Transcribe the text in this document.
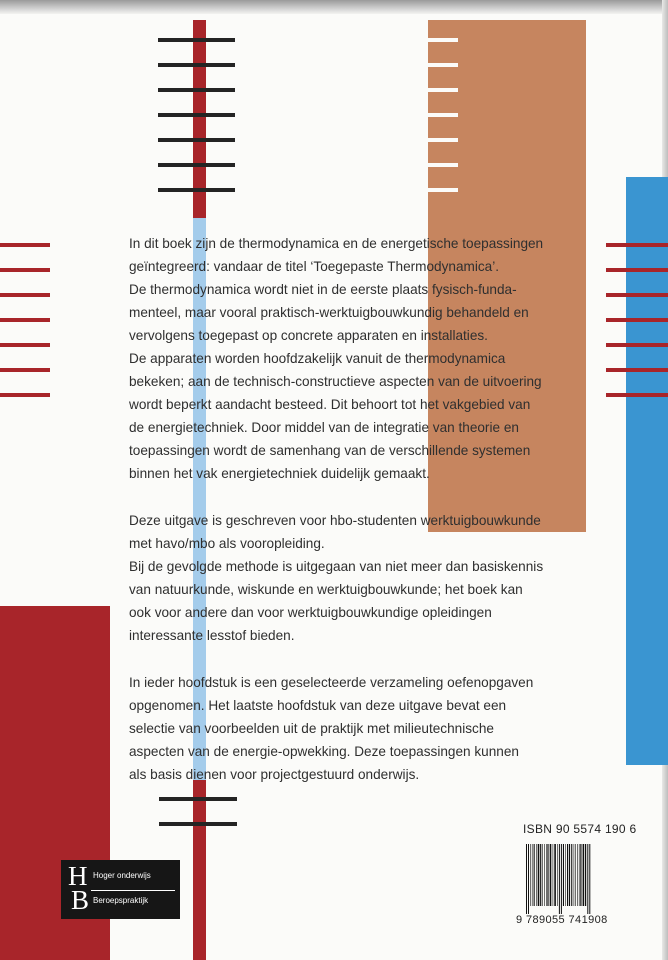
In dit boek zijn de thermodynamica en de energetische toepassingen
geïntegreerd: vandaar de titel ‘Toegepaste Thermodynamica’.
De thermodynamica wordt niet in de eerste plaats fysisch-funda-
menteel, maar vooral praktisch-werktuigbouwkundig behandeld en
vervolgens toegepast op concrete apparaten en installaties.
De apparaten worden hoofdzakelijk vanuit de thermodynamica
bekeken; aan de technisch-constructieve aspecten van de uitvoering
wordt beperkt aandacht besteed. Dit behoort tot het vakgebied van
de energietechniek. Door middel van de integratie van theorie en
toepassingen wordt de samenhang van de verschillende systemen
binnen het vak energietechniek duidelijk gemaakt.

Deze uitgave is geschreven voor hbo-studenten werktuigbouwkunde
met havo/mbo als vooropleiding.
Bij de gevolgde methode is uitgegaan van niet meer dan basiskennis
van natuurkunde, wiskunde en werktuigbouwkunde; het boek kan
ook voor andere dan voor werktuigbouwkundige opleidingen
interessante lesstof bieden.

In ieder hoofdstuk is een geselecteerde verzameling oefenopgaven
opgenomen. Het laatste hoofdstuk van deze uitgave bevat een
selectie van voorbeelden uit de praktijk met milieutechnische
aspecten van de energie-opwekking. Deze toepassingen kunnen
als basis dienen voor projectgestuurd onderwijs.

ISBN 90 5574 190 6
9 789055 741908
H
B
Hoger onderwijs
Beroepspraktijk
